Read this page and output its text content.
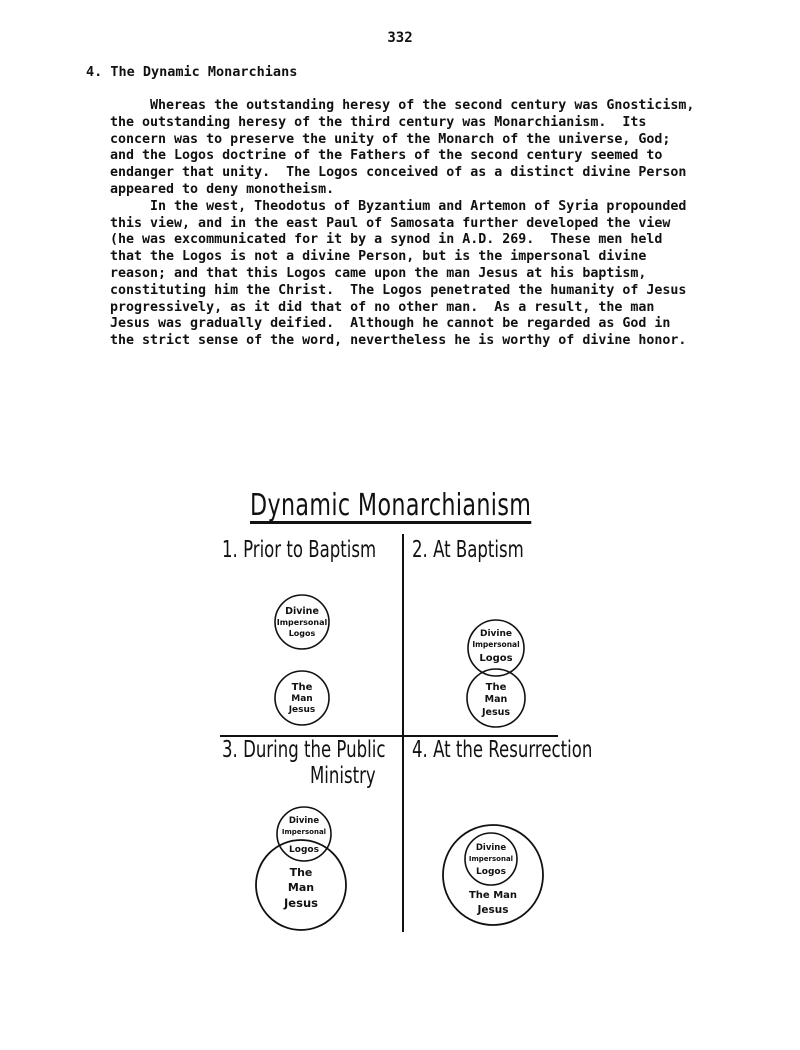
332
4. The Dynamic Monarchians
Whereas the outstanding heresy of the second century was Gnosticism,
the outstanding heresy of the third century was Monarchianism.  Its
concern was to preserve the unity of the Monarch of the universe, God;
and the Logos doctrine of the Fathers of the second century seemed to
endanger that unity.  The Logos conceived of as a distinct divine Person
appeared to deny monotheism.
In the west, Theodotus of Byzantium and Artemon of Syria propounded
this view, and in the east Paul of Samosata further developed the view
(he was excommunicated for it by a synod in A.D. 269.  These men held
that the Logos is not a divine Person, but is the impersonal divine
reason; and that this Logos came upon the man Jesus at his baptism,
constituting him the Christ.  The Logos penetrated the humanity of Jesus
progressively, as it did that of no other man.  As a result, the man
Jesus was gradually deified.  Although he cannot be regarded as God in
the strict sense of the word, nevertheless he is worthy of divine honor.
Dynamic Monarchianism
1. Prior to Baptism 2. At Baptism
3. During the Public
Ministry
4. At the Resurrection
Divine
Impersonal
Logos
The
Man
Jesus
Divine
Impersonal
Logos
The
Man
Jesus
Divine
Impersonal
Logos
The
Man
Jesus
The Man
Jesus
Divine
Impersonal
Logos
